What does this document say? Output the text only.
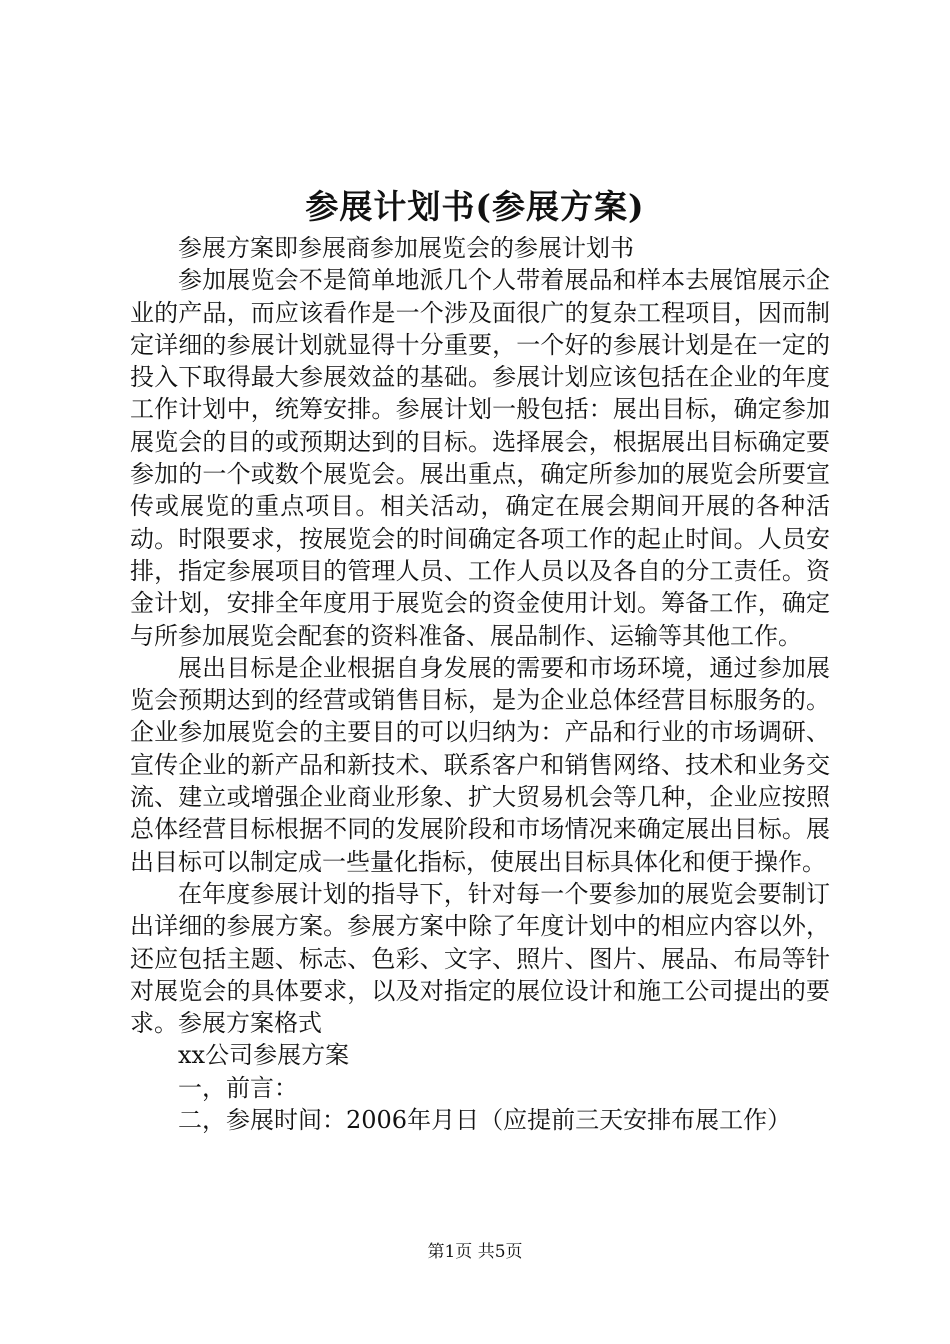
参展计划书(参展方案)

参展方案即参展商参加展览会的参展计划书

参加展览会不是简单地派几个人带着展品和样本去展馆展示企业的产品，而应该看作是一个涉及面很广的复杂工程项目，因而制定详细的参展计划就显得十分重要，一个好的参展计划是在一定的投入下取得最大参展效益的基础。参展计划应该包括在企业的年度工作计划中，统筹安排。参展计划一般包括：展出目标，确定参加展览会的目的或预期达到的目标。选择展会，根据展出目标确定要参加的一个或数个展览会。展出重点，确定所参加的展览会所要宣传或展览的重点项目。相关活动，确定在展会期间开展的各种活动。时限要求，按展览会的时间确定各项工作的起止时间。人员安排，指定参展项目的管理人员、工作人员以及各自的分工责任。资金计划，安排全年度用于展览会的资金使用计划。筹备工作，确定与所参加展览会配套的资料准备、展品制作、运输等其他工作。

展出目标是企业根据自身发展的需要和市场环境，通过参加展览会预期达到的经营或销售目标，是为企业总体经营目标服务的。企业参加展览会的主要目的可以归纳为：产品和行业的市场调研、宣传企业的新产品和新技术、联系客户和销售网络、技术和业务交流、建立或增强企业商业形象、扩大贸易机会等几种，企业应按照总体经营目标根据不同的发展阶段和市场情况来确定展出目标。展出目标可以制定成一些量化指标，使展出目标具体化和便于操作。

在年度参展计划的指导下，针对每一个要参加的展览会要制订出详细的参展方案。参展方案中除了年度计划中的相应内容以外，还应包括主题、标志、色彩、文字、照片、图片、展品、布局等针对展览会的具体要求，以及对指定的展位设计和施工公司提出的要求。参展方案格式

xx公司参展方案

一，前言：

二，参展时间：2006年月日（应提前三天安排布展工作）

第1页 共5页
